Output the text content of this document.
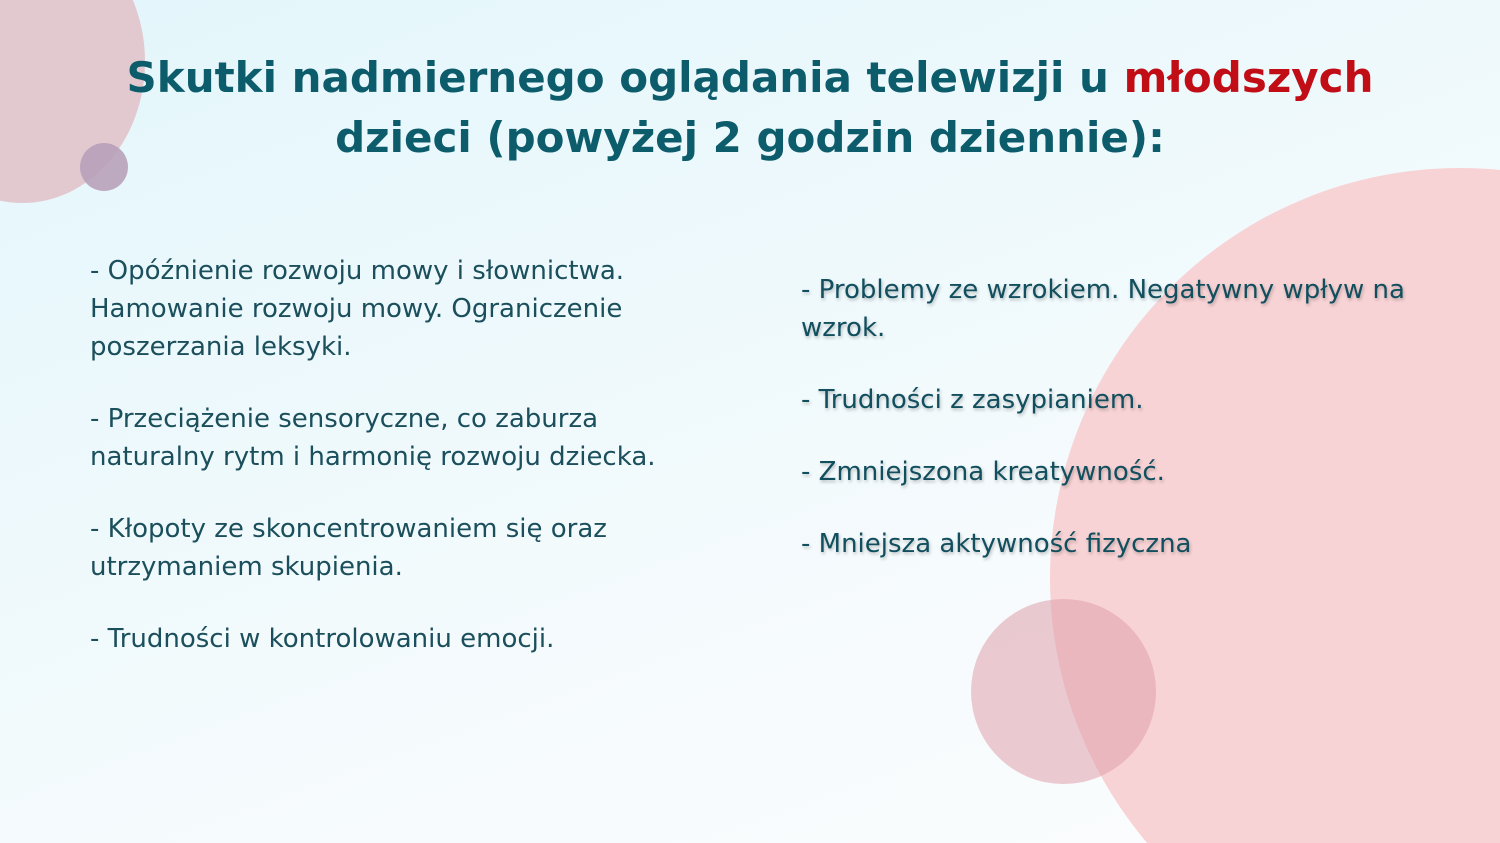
Skutki nadmiernego oglądania telewizji u młodszych
dzieci (powyżej 2 godzin dziennie):
- Opóźnienie rozwoju mowy i słownictwa. Hamowanie rozwoju mowy. Ograniczenie poszerzania leksyki.
- Przeciążenie sensoryczne, co zaburza naturalny rytm i harmonię rozwoju dziecka.
- Kłopoty ze skoncentrowaniem się oraz utrzymaniem skupienia.
- Trudności w kontrolowaniu emocji.
- Problemy ze wzrokiem. Negatywny wpływ na wzrok.
- Trudności z zasypianiem.
- Zmniejszona kreatywność.
- Mniejsza aktywność fizyczna
